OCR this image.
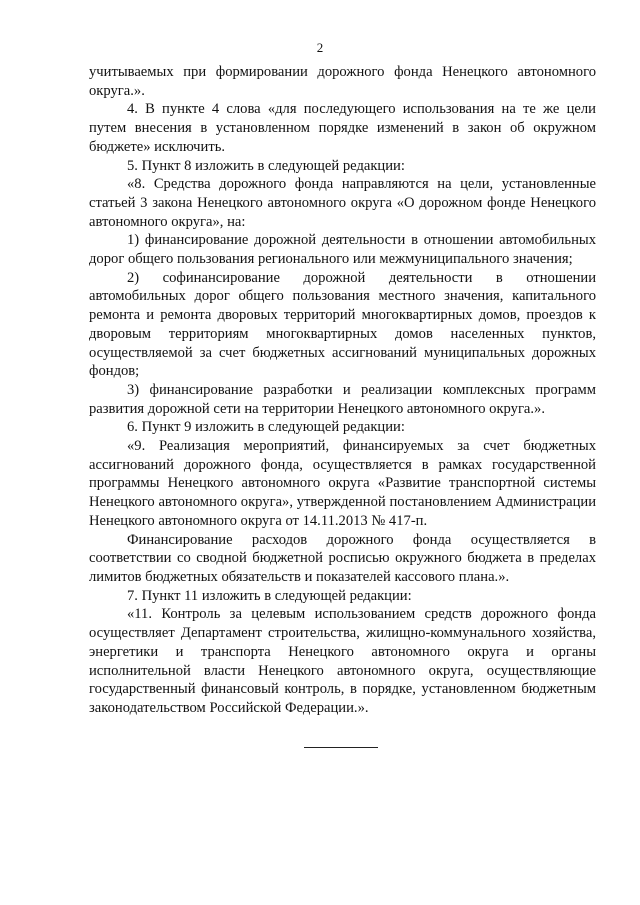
2

учитываемых при формировании дорожного фонда Ненецкого автономного округа.».

4. В пункте 4 слова «для последующего использования на те же цели путем внесения в установленном порядке изменений в закон об окружном бюджете» исключить.

5. Пункт 8 изложить в следующей редакции:

«8. Средства дорожного фонда направляются на цели, установленные статьей 3 закона Ненецкого автономного округа «О дорожном фонде Ненецкого автономного округа», на:

1) финансирование дорожной деятельности в отношении автомобильных дорог общего пользования регионального или межмуниципального значения;

2) софинансирование дорожной деятельности в отношении автомобильных дорог общего пользования местного значения, капитального ремонта и ремонта дворовых территорий многоквартирных домов, проездов к дворовым территориям многоквартирных домов населенных пунктов, осуществляемой за счет бюджетных ассигнований муниципальных дорожных фондов;

3) финансирование разработки и реализации комплексных программ развития дорожной сети на территории Ненецкого автономного округа.».

6. Пункт 9 изложить в следующей редакции:

«9. Реализация мероприятий, финансируемых за счет бюджетных ассигнований дорожного фонда, осуществляется в рамках государственной программы Ненецкого автономного округа «Развитие транспортной системы Ненецкого автономного округа», утвержденной постановлением Администрации Ненецкого автономного округа от 14.11.2013 № 417-п.

Финансирование расходов дорожного фонда осуществляется в соответствии со сводной бюджетной росписью окружного бюджета в пределах лимитов бюджетных обязательств и показателей кассового плана.».

7. Пункт 11 изложить в следующей редакции:

«11. Контроль за целевым использованием средств дорожного фонда осуществляет Департамент строительства, жилищно-коммунального хозяйства, энергетики и транспорта Ненецкого автономного округа и органы исполнительной власти Ненецкого автономного округа, осуществляющие государственный финансовый контроль, в порядке, установленном бюджетным законодательством Российской Федерации.».
